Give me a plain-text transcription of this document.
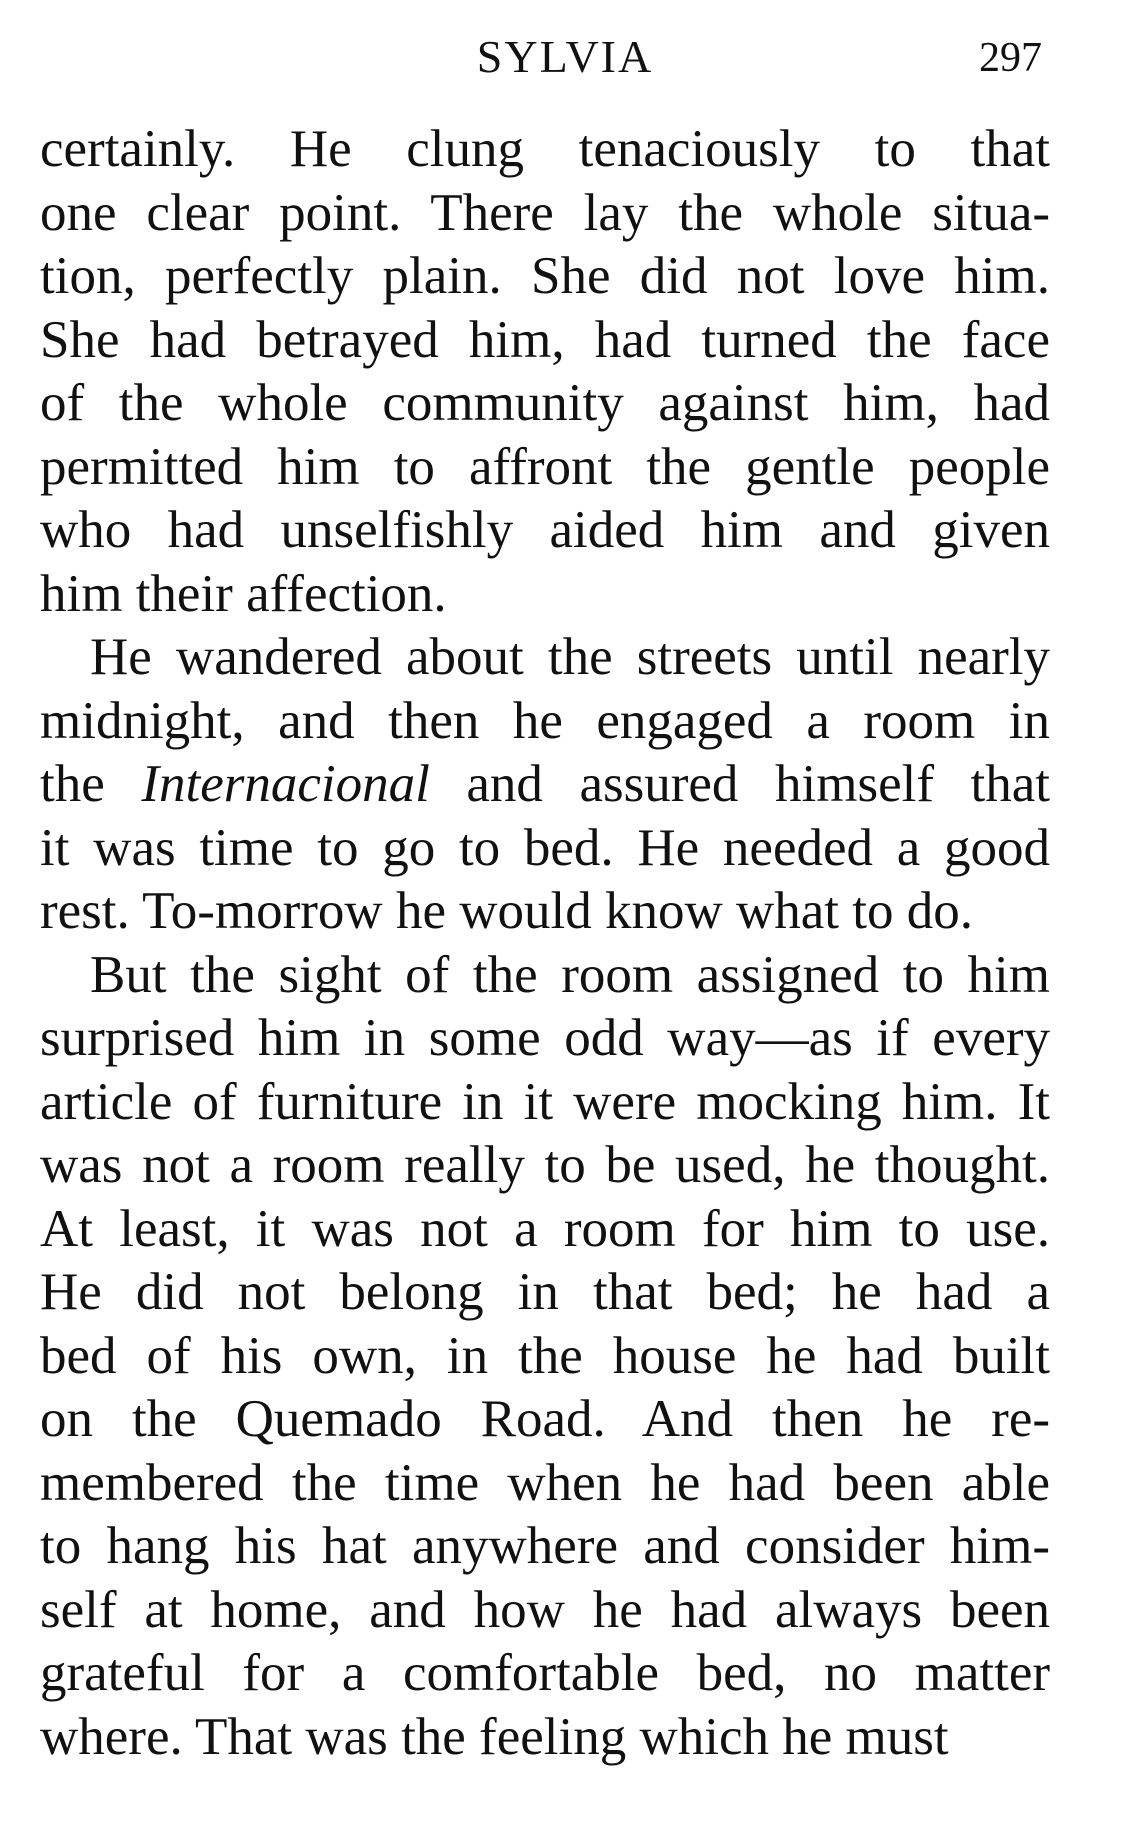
SYLVIA	297
certainly. He clung tenaciously to that
one clear point. There lay the whole situa-
tion, perfectly plain. She did not love him.
She had betrayed him, had turned the face
of the whole community against him, had
permitted him to affront the gentle people
who had unselfishly aided him and given
him their affection.
He wandered about the streets until nearly
midnight, and then he engaged a room in
the Internacional and assured himself that
it was time to go to bed. He needed a good
rest. To-morrow he would know what to do.
But the sight of the room assigned to him
surprised him in some odd way—as if every
article of furniture in it were mocking him. It
was not a room really to be used, he thought.
At least, it was not a room for him to use.
He did not belong in that bed; he had a
bed of his own, in the house he had built
on the Quemado Road. And then he re-
membered the time when he had been able
to hang his hat anywhere and consider him-
self at home, and how he had always been
grateful for a comfortable bed, no matter
where. That was the feeling which he must
